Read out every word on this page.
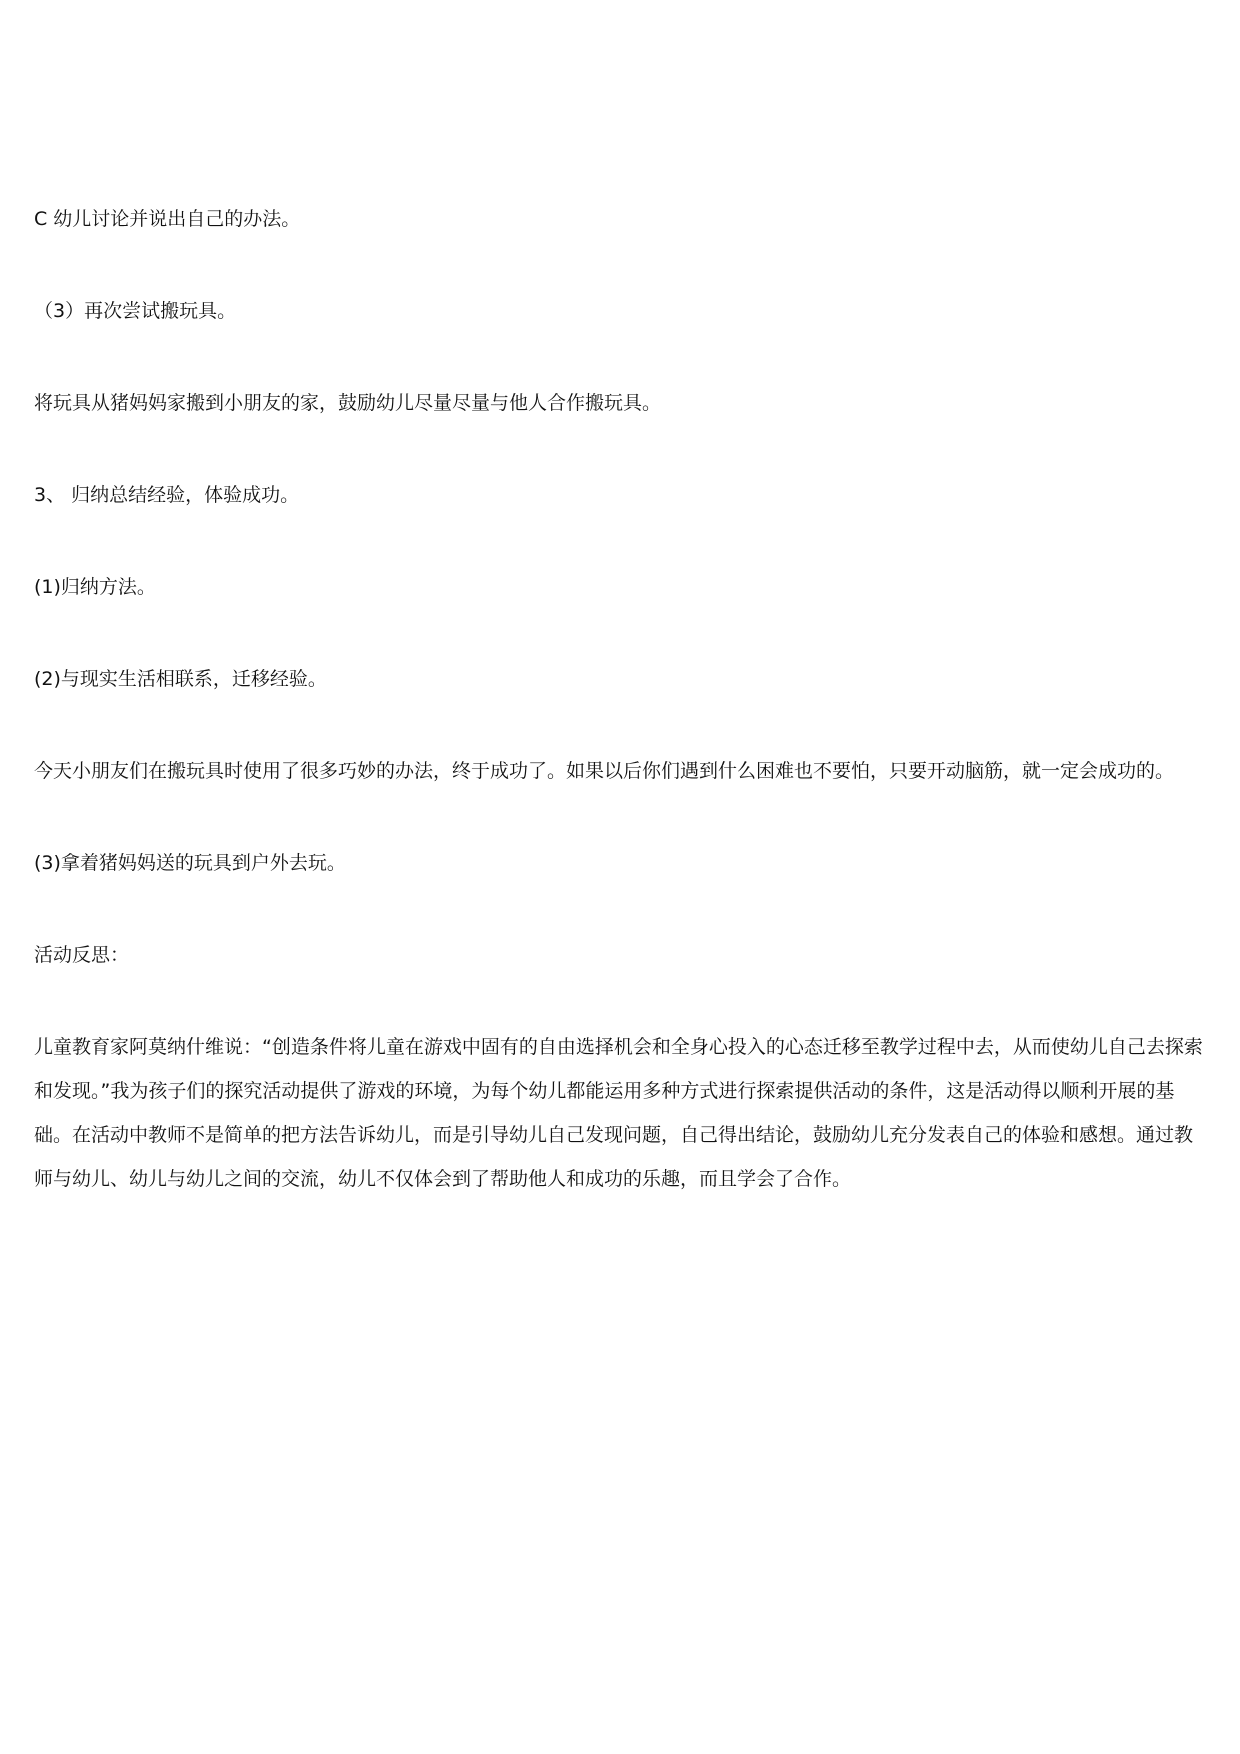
C 幼儿讨论并说出自己的办法。

（3）再次尝试搬玩具。

将玩具从猪妈妈家搬到小朋友的家，鼓励幼儿尽量尽量与他人合作搬玩具。

3、 归纳总结经验，体验成功。

(1)归纳方法。

(2)与现实生活相联系，迁移经验。

今天小朋友们在搬玩具时使用了很多巧妙的办法，终于成功了。如果以后你们遇到什么困难也不要怕，只要开动脑筋，就一定会成功的。

(3)拿着猪妈妈送的玩具到户外去玩。

活动反思：

儿童教育家阿莫纳什维说：“创造条件将儿童在游戏中固有的自由选择机会和全身心投入的心态迁移至教学过程中去，从而使幼儿自己去探索和发现。”我为孩子们的探究活动提供了游戏的环境，为每个幼儿都能运用多种方式进行探索提供活动的条件，这是活动得以顺利开展的基础。在活动中教师不是简单的把方法告诉幼儿，而是引导幼儿自己发现问题，自己得出结论，鼓励幼儿充分发表自己的体验和感想。通过教师与幼儿、幼儿与幼儿之间的交流，幼儿不仅体会到了帮助他人和成功的乐趣，而且学会了合作。
